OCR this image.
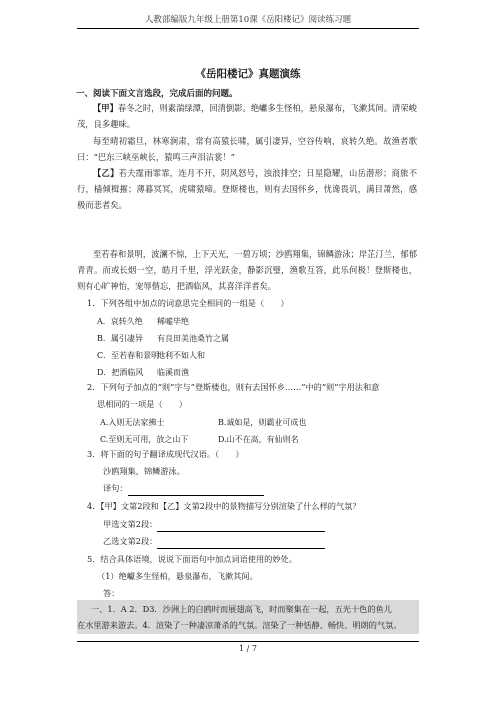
人教部编版九年级上册第10课《岳阳楼记》阅读练习题
《岳阳楼记》真题演练
一、阅读下面文言选段，完成后面的问题。
【甲】春冬之时，则素湍绿潭，回清倒影。绝巘多生怪柏，悬泉瀑布，飞漱其间。清荣峻茂，良多趣味。
每至晴初霜旦，林寒涧肃，常有高猿长啸，属引凄异，空谷传响，哀转久绝。故渔者歌曰：“巴东三峡巫峡长，猿鸣三声泪沾裳！”
【乙】若夫霪雨霏霏，连月不开，阴风怒号，浊浪排空；日星隐耀，山岳潜形；商旅不行，樯倾楫摧；薄暮冥冥，虎啸猿啼。登斯楼也，则有去国怀乡，忧谗畏讥，满目萧然，感极而悲者矣。
至若春和景明，波澜不惊，上下天光，一碧万顷；沙鸥翔集，锦鳞游泳；岸芷汀兰，郁郁青青。而或长烟一空，皓月千里，浮光跃金，静影沉璧，渔歌互答，此乐何极！登斯楼也，则有心旷神怡，宠辱偕忘，把酒临风，其喜洋洋者矣。
1．下列各组中加点的词意思完全相同的一组是（　　）
A．哀转久绝 稀嘘毕绝
B．属引凄异 有良田美池桑竹之属
C．至若春和景明
地利不如人和
D．把酒临风 临溪而渔
2．下列句子加点的“则”字与“登斯楼也，则有去国怀乡……”中的“则”字用法和意
思相同的一项是（　　）
A.入则无法家拂士	B.诚如是，则霸业可成也
C.至则无可用，放之山下	D.山不在高，有仙则名
3．将下面的句子翻译成现代汉语。（　　）
沙鸥翔集，锦鳞游泳。
译句：
4．【甲】文第2段和【乙】文第2段中的景物描写分别渲染了什么样的气氛？
甲选文第2段：
乙选文第2段：
5．结合具体语境，说说下面语句中加点词语使用的妙处。
（1）绝巘多生怪柏，悬泉瀑布，飞漱其间。
答：
一、1．A 2．D3．沙洲上的白鸥时而展翅高飞，时而聚集在一起，五光十色的鱼儿
在水里游来游去。4．渲染了一种凄凉萧杀的气氛。渲染了一种恬静、畅快、明朗的气氛。
1 / 7
